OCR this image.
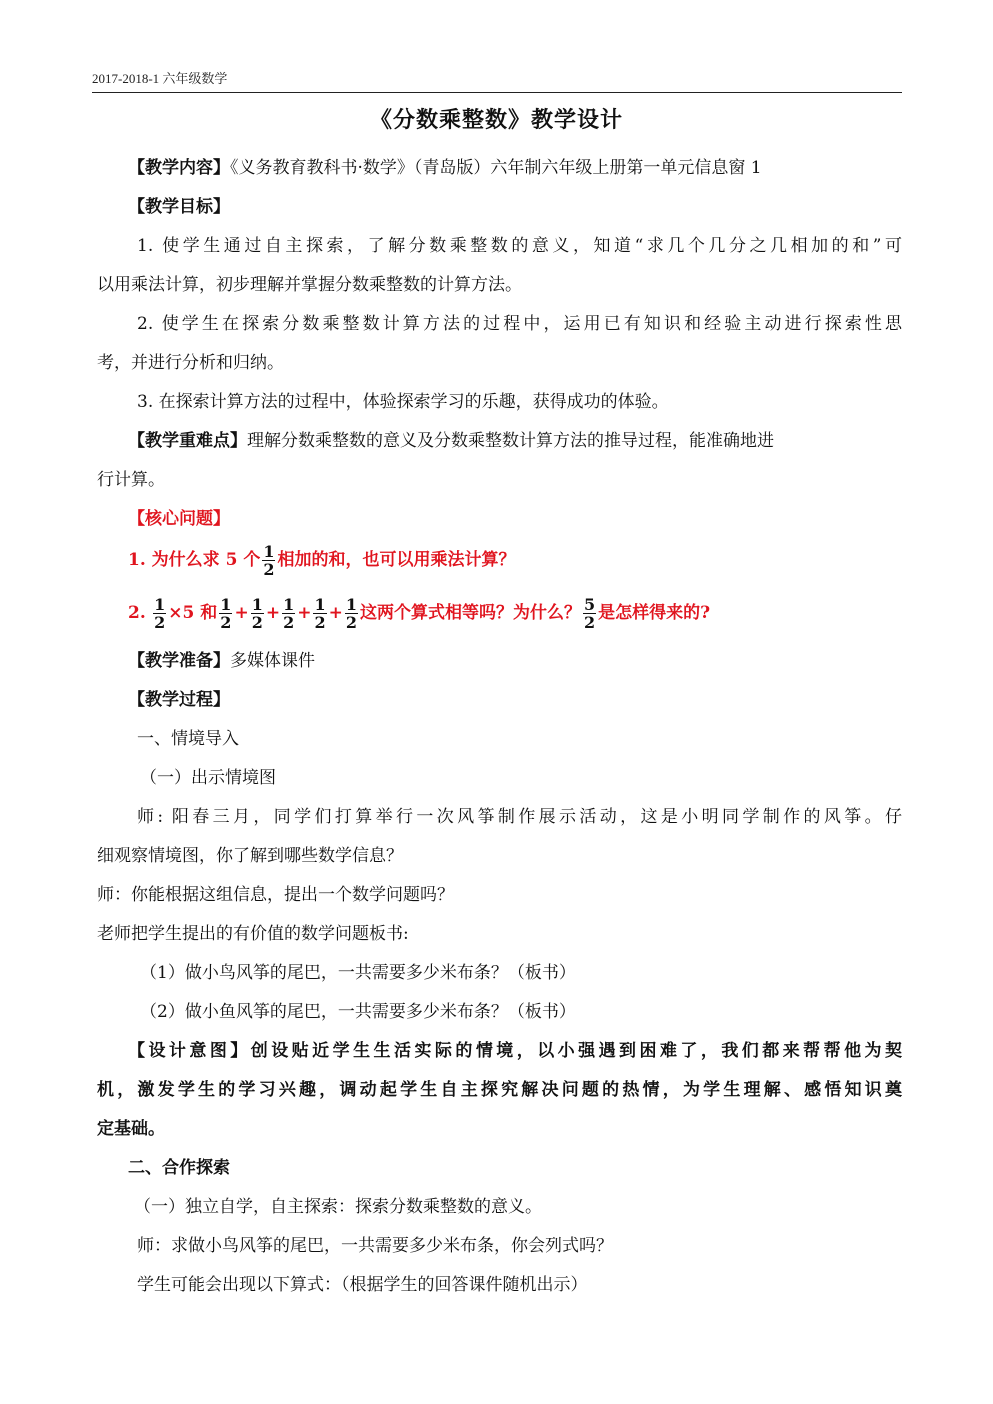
2017-2018-1 六年级数学
《分数乘整数》教学设计
【教学内容】《义务教育教科书·数学》（青岛版）六年制六年级上册第一单元信息窗 1
【教学目标】
1. 使学生通过自主探索，了解分数乘整数的意义，知道“求几个几分之几相加的和”可
以用乘法计算，初步理解并掌握分数乘整数的计算方法。
2. 使学生在探索分数乘整数计算方法的过程中，运用已有知识和经验主动进行探索性思
考，并进行分析和归纳。
3. 在探索计算方法的过程中，体验探索学习的乐趣，获得成功的体验。
【教学重难点】理解分数乘整数的意义及分数乘整数计算方法的推导过程，能准确地进
行计算。
【核心问题】
1. 为什么求 5 个 $\frac{1}{2}$ 相加的和，也可以用乘法计算？
2. $\frac{1}{2} \times 5$ 和 $\frac{1}{2} + \frac{1}{2} + \frac{1}{2} + \frac{1}{2} + \frac{1}{2}$ 这两个算式相等吗？为什么？ $\frac{5}{2}$ 是怎样得来的?
【教学准备】多媒体课件
【教学过程】
一、情境导入
（一）出示情境图
师: 阳春三月，同学们打算举行一次风筝制作展示活动，这是小明同学制作的风筝。仔
细观察情境图，你了解到哪些数学信息？
师：你能根据这组信息，提出一个数学问题吗？
老师把学生提出的有价值的数学问题板书:
（1）做小鸟风筝的尾巴，一共需要多少米布条？（板书）
（2）做小鱼风筝的尾巴，一共需要多少米布条？（板书）
【设计意图】创设贴近学生生活实际的情境，以小强遇到困难了，我们都来帮帮他为契
机，激发学生的学习兴趣，调动起学生自主探究解决问题的热情，为学生理解、感悟知识奠
定基础。
二、合作探索
（一）独立自学，自主探索：探索分数乘整数的意义。
师：求做小鸟风筝的尾巴，一共需要多少米布条，你会列式吗？
学生可能会出现以下算式：（根据学生的回答课件随机出示）
